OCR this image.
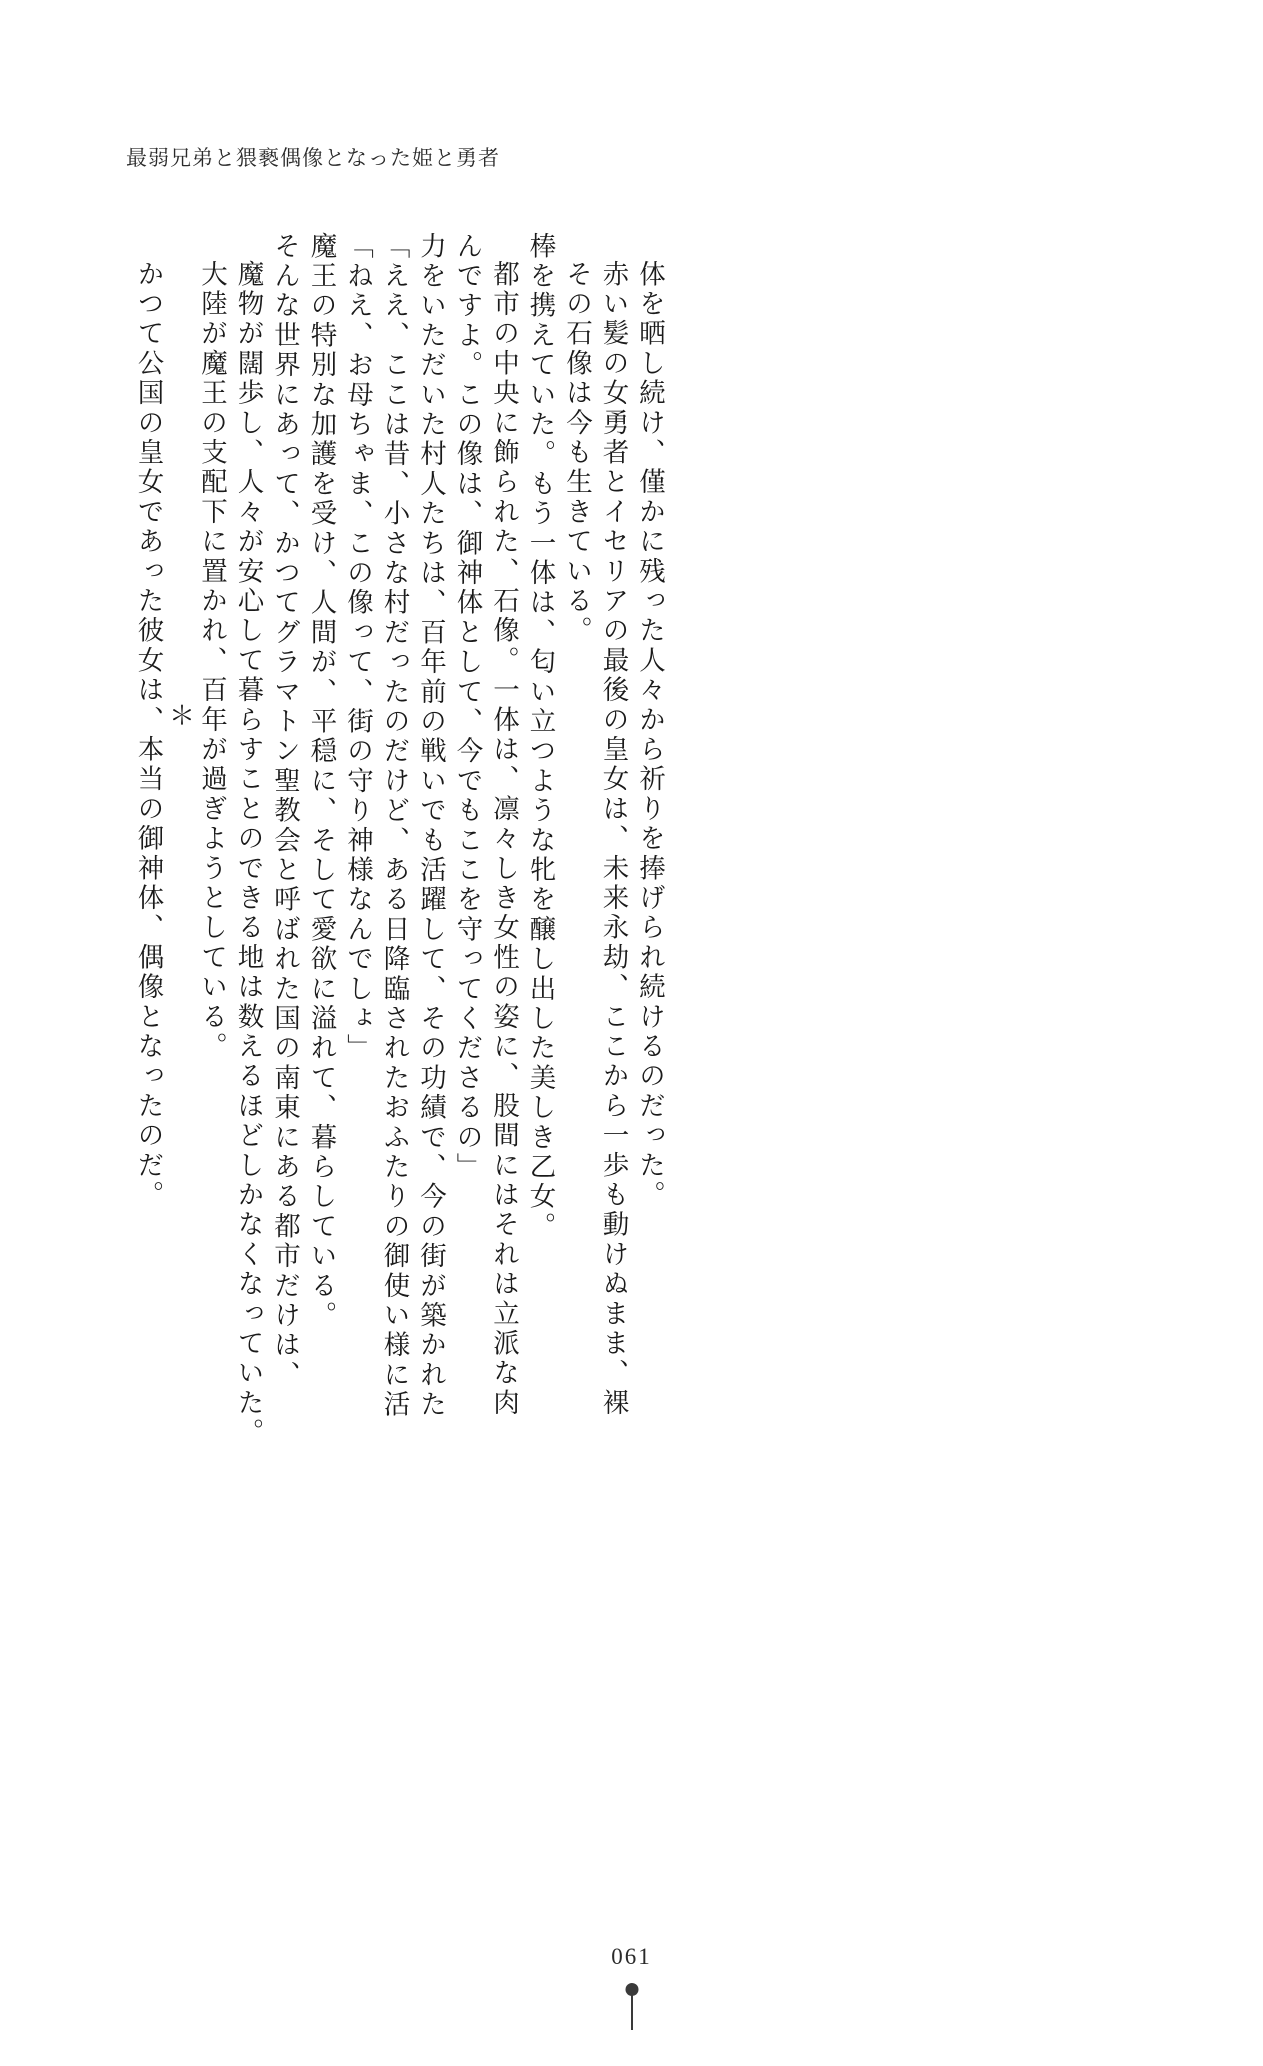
最弱兄弟と猥褻偶像となった姫と勇者
かつて公国の皇女であった彼女は、本当の御神体、偶像となったのだ。 ＊ 大陸が魔王の支配下に置かれ、百年が過ぎようとしている。 魔物が闊歩し、人々が安心して暮らすことのできる地は数えるほどしかなくなっていた。 そんな世界にあって、かつてグラマトン聖教会と呼ばれた国の南東にある都市だけは、 魔王の特別な加護を受け、人間が、平穏に、そして愛欲に溢れて、暮らしている。 「ねえ、お母ちゃま、この像って、街の守り神様なんでしょ」 「ええ、ここは昔、小さな村だったのだけど、ある日降臨されたおふたりの御使い様に活 力をいただいた村人たちは、百年前の戦いでも活躍して、その功績で、今の街が築かれた んですよ。この像は、御神体として、今でもここを守ってくださるの」 都市の中央に飾られた、石像。一体は、凛々しき女性の姿に、股間にはそれは立派な肉 棒を携えていた。もう一体は、匂い立つような牝を醸し出した美しき乙女。 その石像は今も生きている。 赤い髪の女勇者とイセリアの最後の皇女は、未来永劫、ここから一歩も動けぬまま、裸 体を晒し続け、僅かに残った人々から祈りを捧げられ続けるのだった。
061
